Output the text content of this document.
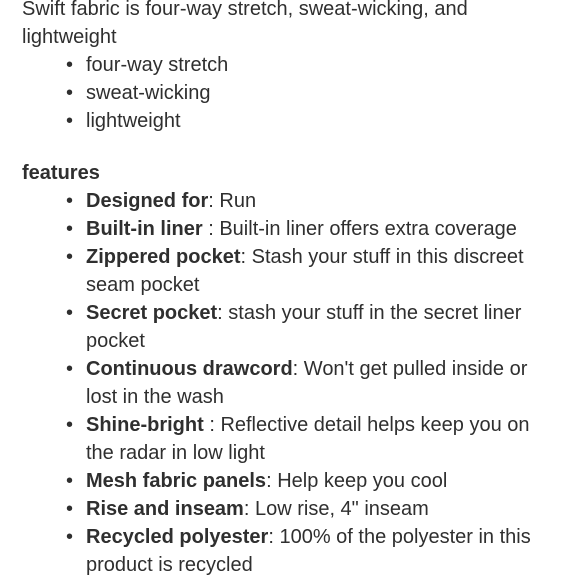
Swift fabric is four-way stretch, sweat-wicking, and lightweight

• four-way stretch
• sweat-wicking
• lightweight
features
• Designed for: Run
• Built-in liner : Built-in liner offers extra coverage
• Zippered pocket: Stash your stuff in this discreet seam pocket
• Secret pocket: stash your stuff in the secret liner pocket
• Continuous drawcord: Won't get pulled inside or lost in the wash
• Shine-bright : Reflective detail helps keep you on the radar in low light
• Mesh fabric panels: Help keep you cool
• Rise and inseam: Low rise, 4" inseam
• Recycled polyester: 100% of the polyester in this product is recycled
